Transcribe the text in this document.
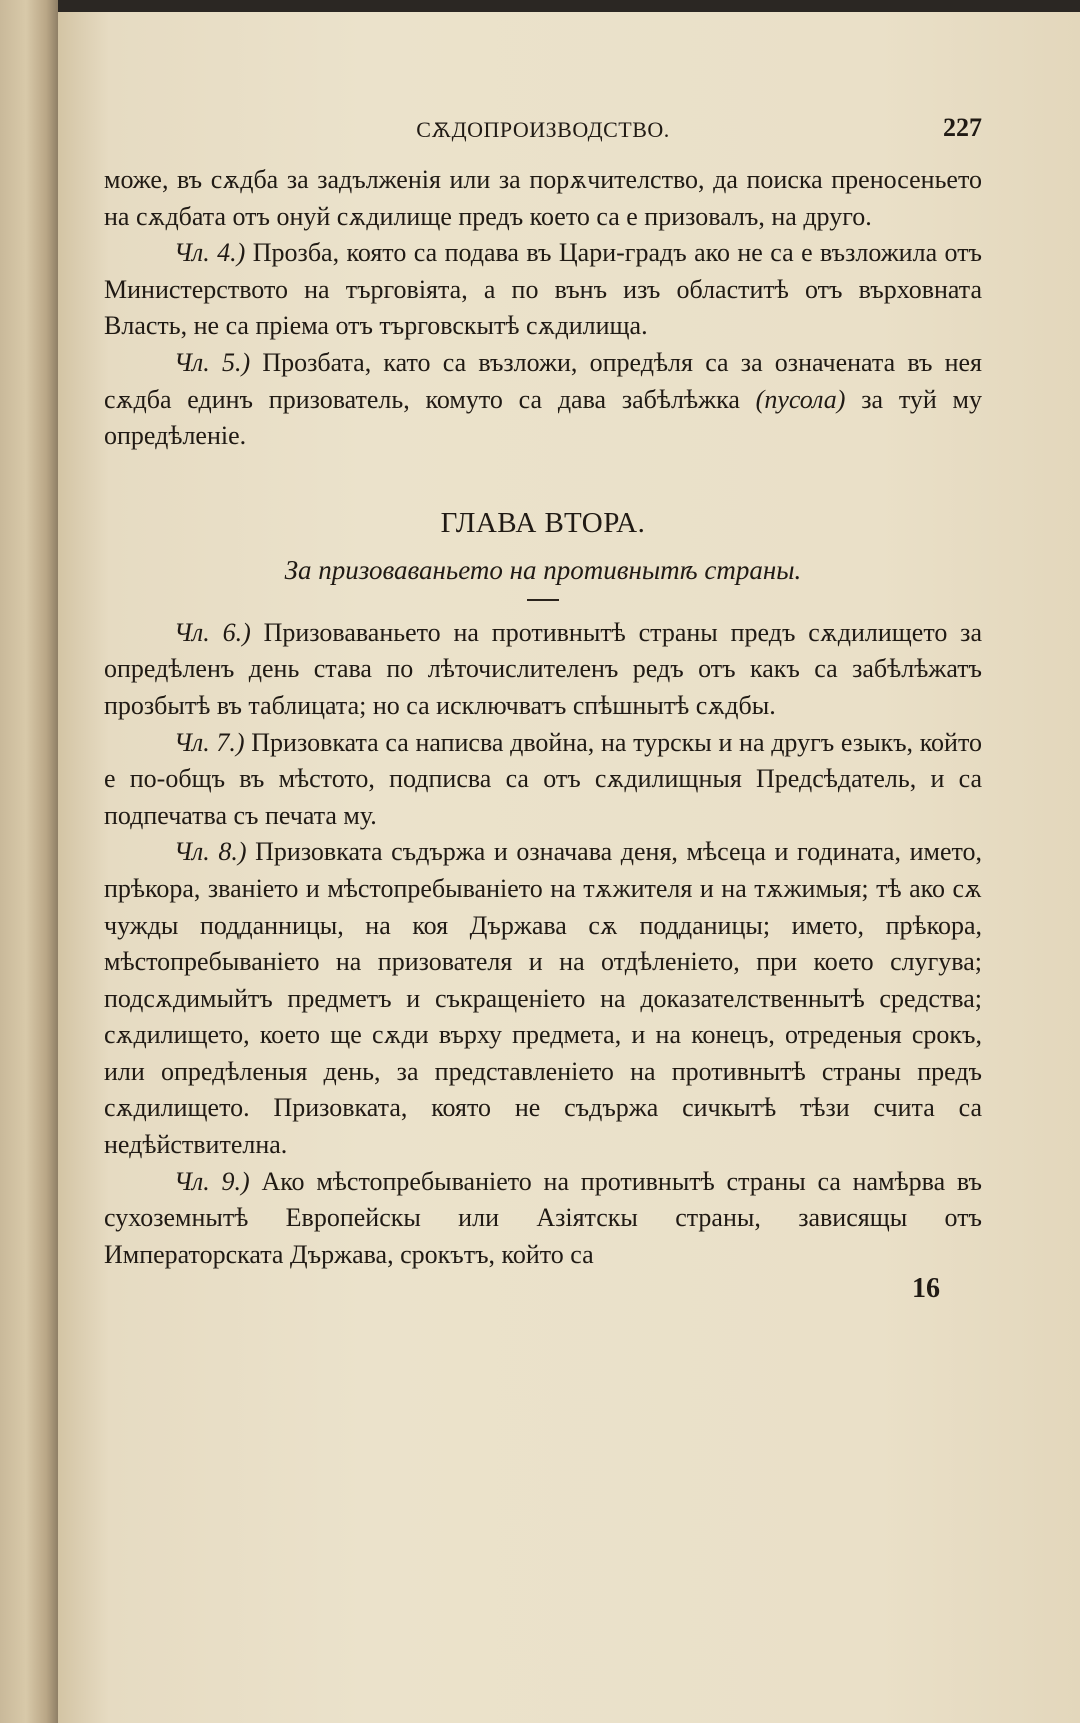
СѪДОПРОИЗВОДСТВО.	227

може, въ сѫдба за задълженія или за порѫчителство, да поиска преносеньето на сѫдбата отъ онуй сѫдилище предъ което са е призовалъ, на друго.

Чл. 4.) Прозба, която са подава въ Цари-градъ ако не са е възложила отъ Министерството на търговіята, а по вънъ изъ областитѣ отъ върховната Власть, не са пріема отъ търговскытѣ сѫдилища.

Чл. 5.) Прозбата, като са възложи, опредѣля са за означената въ нея сѫдба единъ призователь, комуто са дава забѣлѣжка (пусола) за туй му опредѣленіе.

ГЛАВА ВТОРА.
За призоваваньето на противнытѣ страны.

Чл. 6.) Призоваваньето на противнытѣ страны предъ сѫдилището за опредѣленъ день става по лѣточислителенъ редъ отъ какъ са забѣлѣжатъ прозбытѣ въ таблицата; но са исключватъ спѣшнытѣ сѫдбы.

Чл. 7.) Призовката са написва двойна, на турскы и на другъ езыкъ, който е по-общъ въ мѣстото, подписва са отъ сѫдилищныя Предсѣдатель, и са подпечатва съ печата му.

Чл. 8.) Призовката съдържа и означава деня, мѣсеца и годината, името, прѣкора, званіето и мѣстопребываніето на тѫжителя и на тѫжимыя; тѣ ако сѫ чужды подданницы, на коя Държава сѫ подданицы; името, прѣкора, мѣстопребываніето на призователя и на отдѣленіето, при което слугува; подсѫдимыйтъ предметъ и съкращеніето на доказателственнытѣ средства; сѫдилището, което ще сѫди върху предмета, и на конецъ, отреденыя срокъ, или опредѣленыя день, за представленіето на противнытѣ страны предъ сѫдилището. Призовката, която не съдържа сичкытѣ тѣзи счита са недѣйствителна.

Чл. 9.) Ако мѣстопребываніето на противнытѣ страны са намѣрва въ сухоземнытѣ Европейскы или Азіятскы страны, зависящы отъ Императорската Държава, срокътъ, който са

16
